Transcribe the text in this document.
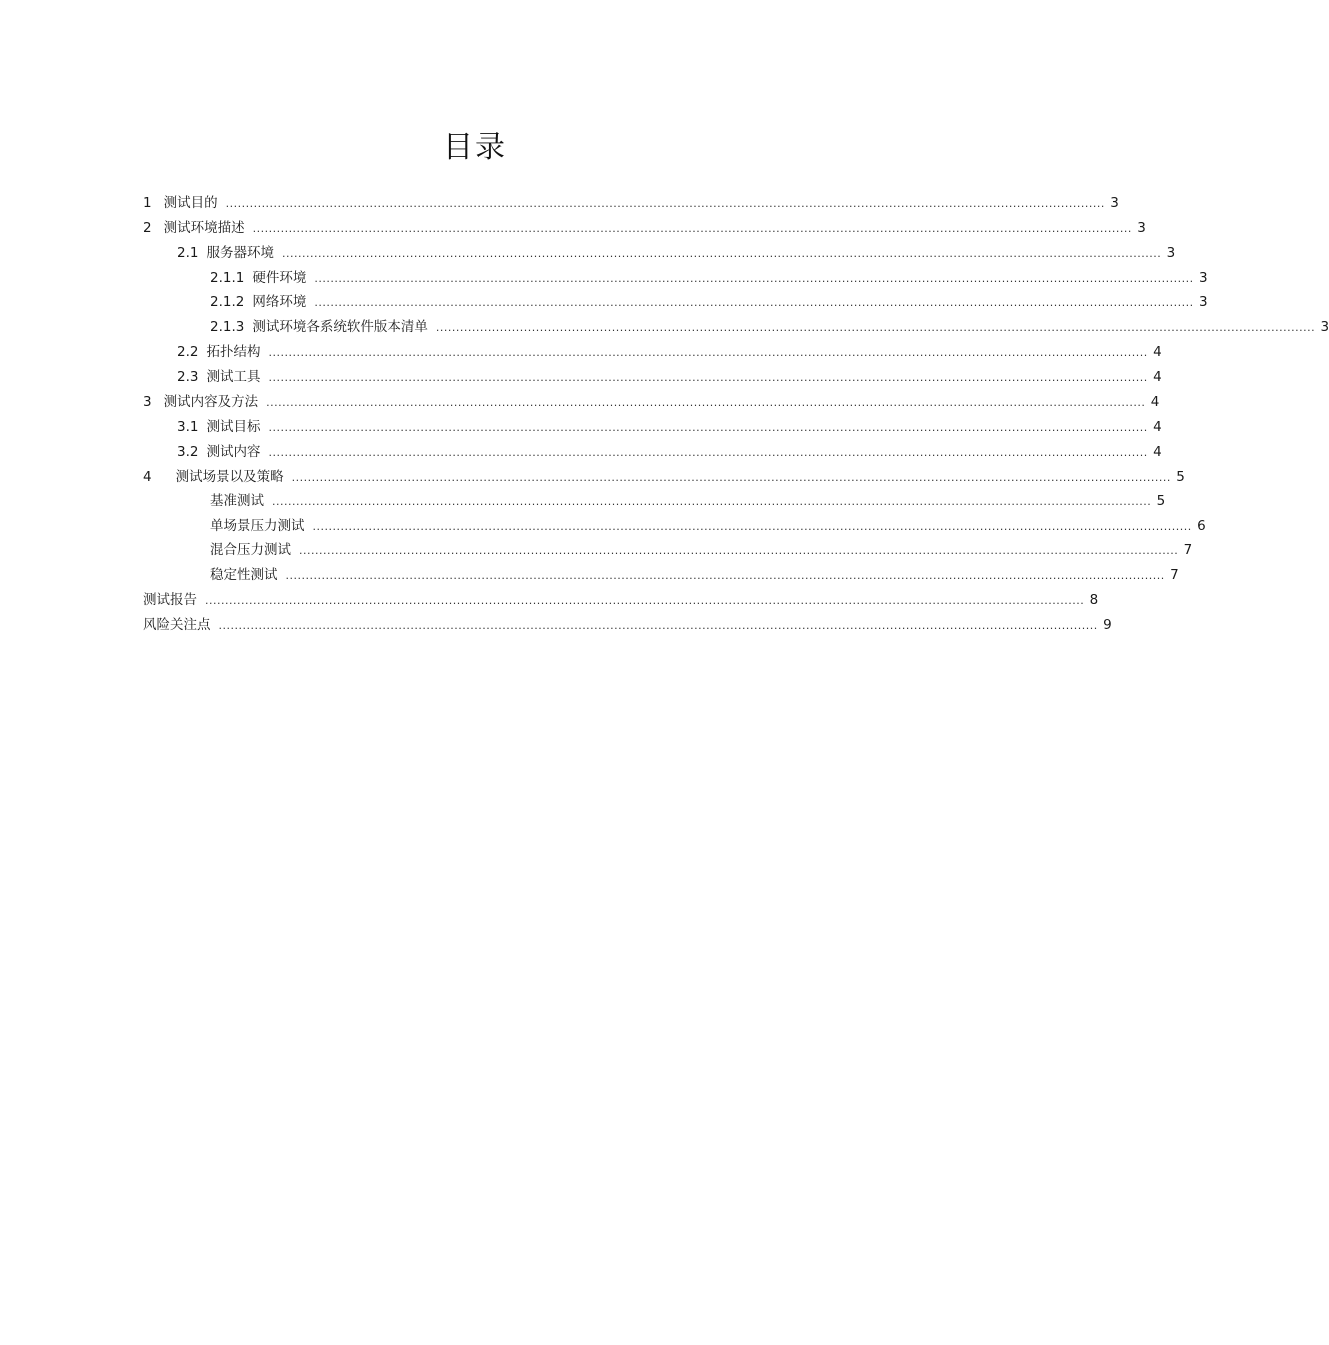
目录
1 测试目的 ............................................................................................................................................................................................................................ 3
2 测试环境描述 ............................................................................................................................................................................................................................ 3
2.1 服务器环境 ............................................................................................................................................................................................................................ 3
2.1.1 硬件环境 ............................................................................................................................................................................................................................ 3
2.1.2 网络环境 ............................................................................................................................................................................................................................ 3
2.1.3 测试环境各系统软件版本清单 ............................................................................................................................................................................................................................ 3
2.2 拓扑结构 ............................................................................................................................................................................................................................ 4
2.3 测试工具 ............................................................................................................................................................................................................................ 4
3 测试内容及方法 ............................................................................................................................................................................................................................ 4
3.1 测试目标 ............................................................................................................................................................................................................................ 4
3.2 测试内容 ............................................................................................................................................................................................................................ 4
4 测试场景以及策略 ............................................................................................................................................................................................................................ 5
基准测试 ............................................................................................................................................................................................................................ 5
单场景压力测试 ............................................................................................................................................................................................................................ 6
混合压力测试 ............................................................................................................................................................................................................................ 7
稳定性测试 ............................................................................................................................................................................................................................ 7
测试报告 ............................................................................................................................................................................................................................ 8
风险关注点 ............................................................................................................................................................................................................................ 9
